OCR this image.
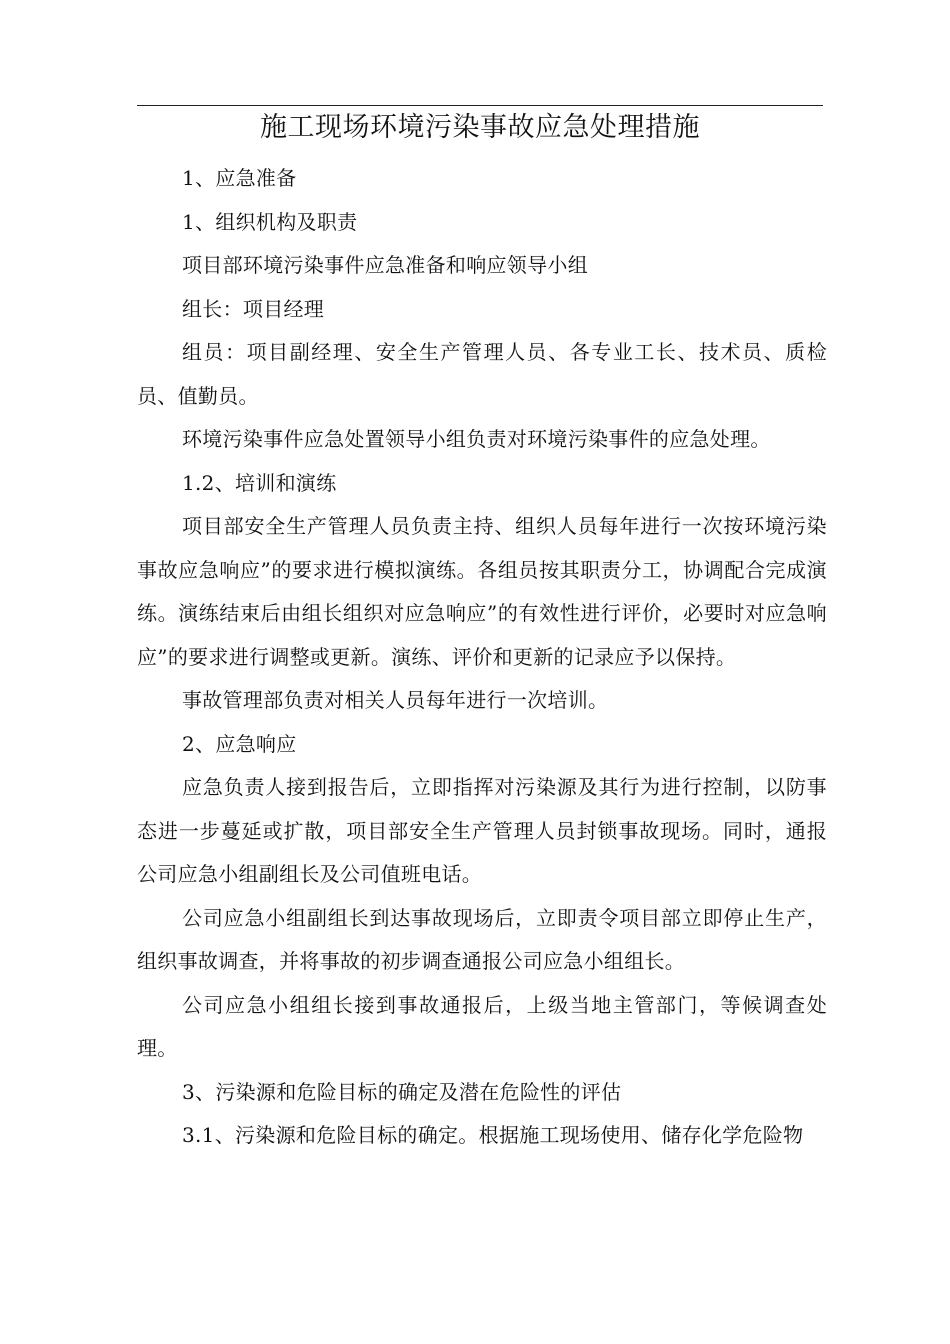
施工现场环境污染事故应急处理措施

1、应急准备

1、组织机构及职责

项目部环境污染事件应急准备和响应领导小组

组长：项目经理

组员：项目副经理、安全生产管理人员、各专业工长、技术员、质检员、值勤员。

环境污染事件应急处置领导小组负责对环境污染事件的应急处理。

1.2、培训和演练

项目部安全生产管理人员负责主持、组织人员每年进行一次按环境污染事故应急响应”的要求进行模拟演练。各组员按其职责分工，协调配合完成演练。演练结束后由组长组织对应急响应”的有效性进行评价，必要时对应急响应”的要求进行调整或更新。演练、评价和更新的记录应予以保持。

事故管理部负责对相关人员每年进行一次培训。

2、应急响应

应急负责人接到报告后，立即指挥对污染源及其行为进行控制，以防事态进一步蔓延或扩散，项目部安全生产管理人员封锁事故现场。同时，通报公司应急小组副组长及公司值班电话。

公司应急小组副组长到达事故现场后，立即责令项目部立即停止生产，组织事故调查，并将事故的初步调查通报公司应急小组组长。

公司应急小组组长接到事故通报后，上级当地主管部门，等候调查处理。

3、污染源和危险目标的确定及潜在危险性的评估

3.1、污染源和危险目标的确定。根据施工现场使用、储存化学危险物
